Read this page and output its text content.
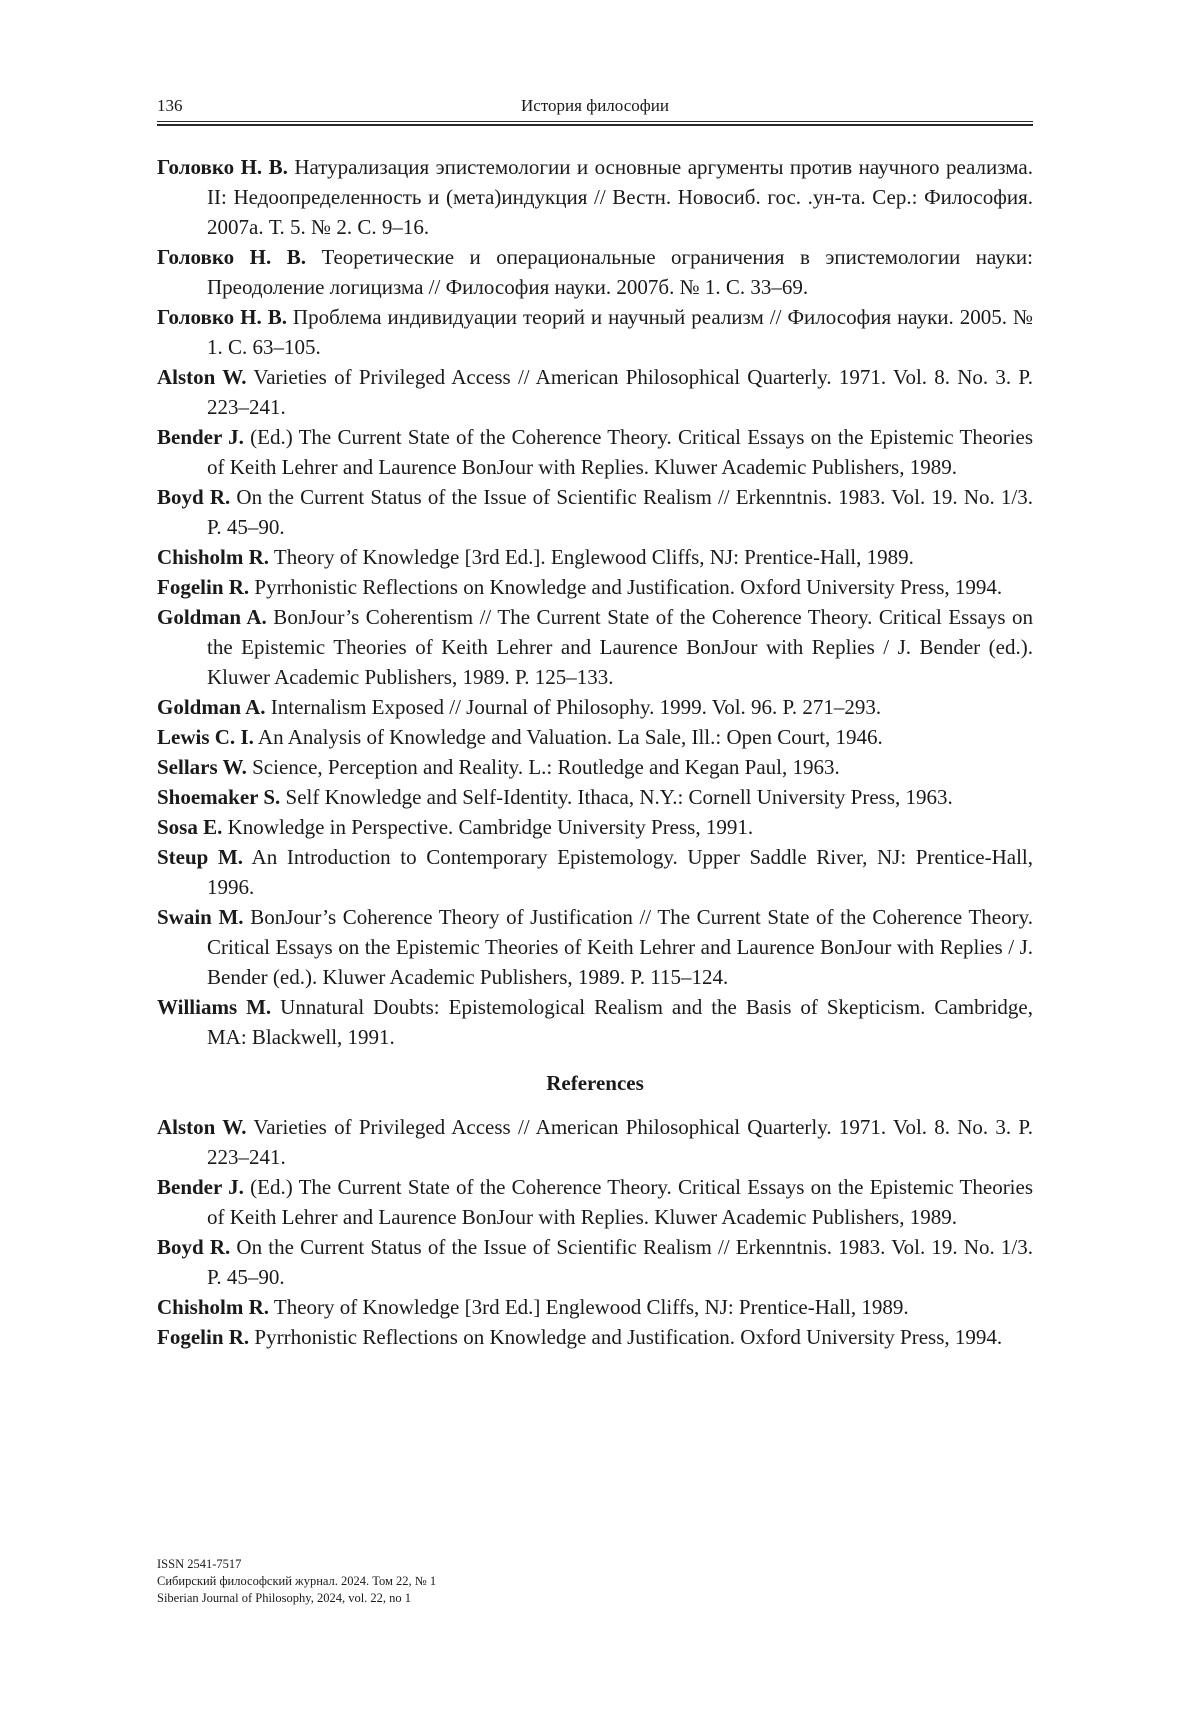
136	История философии

Головко Н. В. Натурализация эпистемологии и основные аргументы против научного реализма. II: Недоопределенность и (мета)индукция // Вестн. Новосиб. гос. .ун-та. Сер.: Философия. 2007а. Т. 5. № 2. С. 9–16.

Головко Н. В. Теоретические и операциональные ограничения в эпистемологии науки: Преодоление логицизма // Философия науки. 2007б. № 1. С. 33–69.

Головко Н. В. Проблема индивидуации теорий и научный реализм // Философия науки. 2005. № 1. С. 63–105.

Alston W. Varieties of Privileged Access // American Philosophical Quarterly. 1971. Vol. 8. No. 3. P. 223–241.

Bender J. (Ed.) The Current State of the Coherence Theory. Critical Essays on the Epistemic Theories of Keith Lehrer and Laurence BonJour with Replies. Kluwer Academic Publishers, 1989.

Boyd R. On the Current Status of the Issue of Scientific Realism // Erkenntnis. 1983. Vol. 19. No. 1/3. P. 45–90.

Chisholm R. Theory of Knowledge [3rd Ed.]. Englewood Cliffs, NJ: Prentice-Hall, 1989.

Fogelin R. Pyrrhonistic Reflections on Knowledge and Justification. Oxford University Press, 1994.

Goldman A. BonJour’s Coherentism // The Current State of the Coherence Theory. Critical Essays on the Epistemic Theories of Keith Lehrer and Laurence BonJour with Replies / J. Bender (ed.). Kluwer Academic Publishers, 1989. P. 125–133.

Goldman A. Internalism Exposed // Journal of Philosophy. 1999. Vol. 96. P. 271–293.

Lewis C. I. An Analysis of Knowledge and Valuation. La Sale, Ill.: Open Court, 1946.

Sellars W. Science, Perception and Reality. L.: Routledge and Kegan Paul, 1963.

Shoemaker S. Self Knowledge and Self-Identity. Ithaca, N.Y.: Cornell University Press, 1963.

Sosa E. Knowledge in Perspective. Cambridge University Press, 1991.

Steup M. An Introduction to Contemporary Epistemology. Upper Saddle River, NJ: Prentice-Hall, 1996.

Swain M. BonJour’s Coherence Theory of Justification // The Current State of the Coherence Theory. Critical Essays on the Epistemic Theories of Keith Lehrer and Laurence BonJour with Replies / J. Bender (ed.). Kluwer Academic Publishers, 1989. P. 115–124.

Williams M. Unnatural Doubts: Epistemological Realism and the Basis of Skepticism. Cambridge, MA: Blackwell, 1991.

References

Alston W. Varieties of Privileged Access // American Philosophical Quarterly. 1971. Vol. 8. No. 3. P. 223–241.

Bender J. (Ed.) The Current State of the Coherence Theory. Critical Essays on the Epistemic Theories of Keith Lehrer and Laurence BonJour with Replies. Kluwer Academic Publishers, 1989.

Boyd R. On the Current Status of the Issue of Scientific Realism // Erkenntnis. 1983. Vol. 19. No. 1/3. P. 45–90.

Chisholm R. Theory of Knowledge [3rd Ed.] Englewood Cliffs, NJ: Prentice-Hall, 1989.

Fogelin R. Pyrrhonistic Reflections on Knowledge and Justification. Oxford University Press, 1994.

ISSN 2541-7517
Сибирский философский журнал. 2024. Том 22, № 1
Siberian Journal of Philosophy, 2024, vol. 22, no 1
